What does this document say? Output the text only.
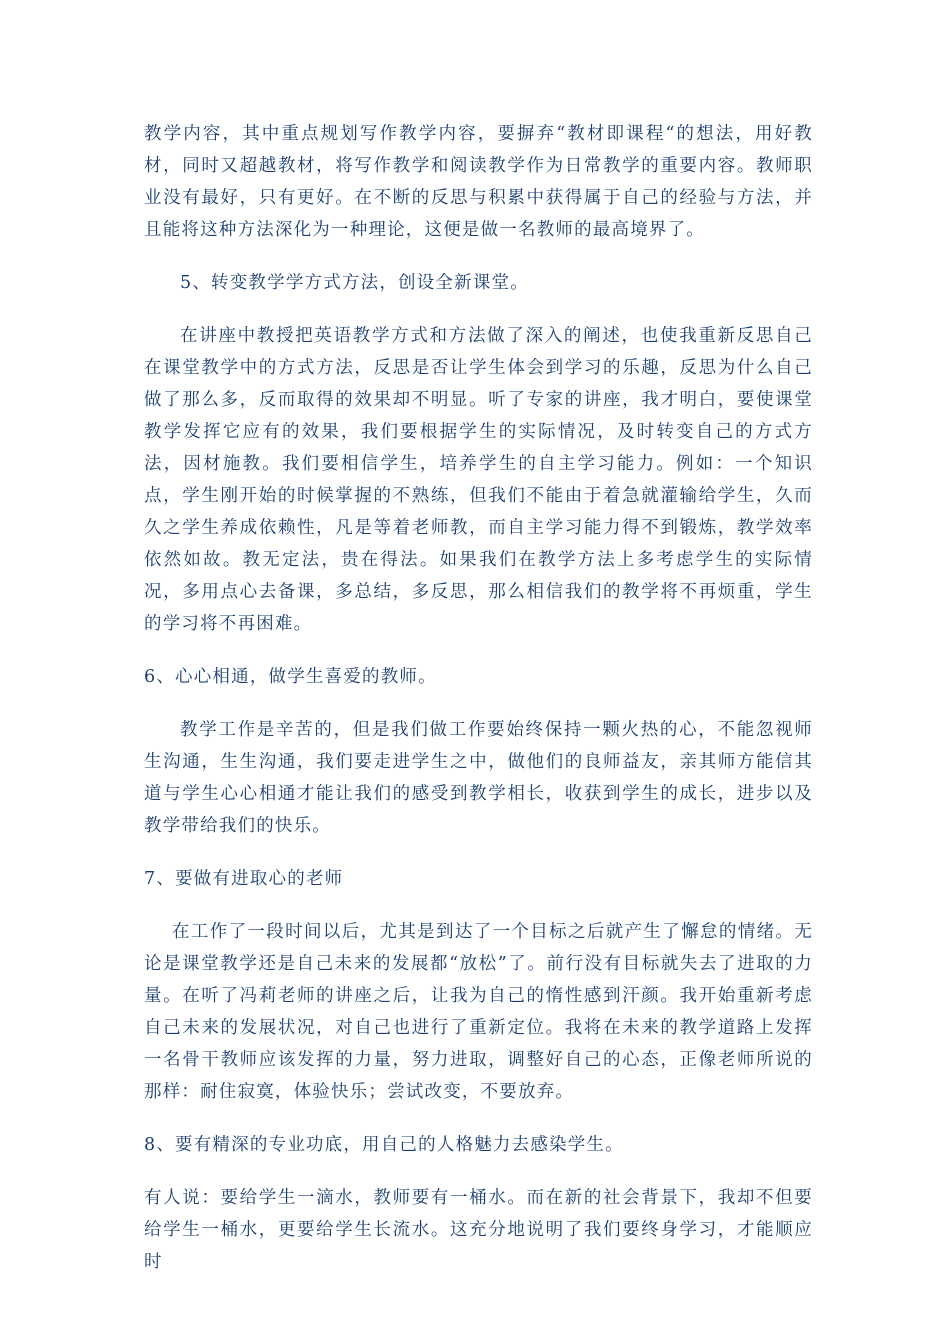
教学内容，其中重点规划写作教学内容，要摒弃“教材即课程“的想法，用好教材，同时又超越教材，将写作教学和阅读教学作为日常教学的重要内容。教师职业没有最好，只有更好。在不断的反思与积累中获得属于自己的经验与方法，并且能将这种方法深化为一种理论，这便是做一名教师的最高境界了。

5、转变教学学方式方法，创设全新课堂。

在讲座中教授把英语教学方式和方法做了深入的阐述，也使我重新反思自己在课堂教学中的方式方法，反思是否让学生体会到学习的乐趣，反思为什么自己做了那么多，反而取得的效果却不明显。听了专家的讲座，我才明白，要使课堂教学发挥它应有的效果，我们要根据学生的实际情况，及时转变自己的方式方法，因材施教。我们要相信学生，培养学生的自主学习能力。例如：一个知识点，学生刚开始的时候掌握的不熟练，但我们不能由于着急就灌输给学生，久而久之学生养成依赖性，凡是等着老师教，而自主学习能力得不到锻炼，教学效率依然如故。教无定法，贵在得法。如果我们在教学方法上多考虑学生的实际情况，多用点心去备课，多总结，多反思，那么相信我们的教学将不再烦重，学生的学习将不再困难。

6、心心相通，做学生喜爱的教师。

教学工作是辛苦的，但是我们做工作要始终保持一颗火热的心，不能忽视师生沟通，生生沟通，我们要走进学生之中，做他们的良师益友，亲其师方能信其道与学生心心相通才能让我们的感受到教学相长，收获到学生的成长，进步以及教学带给我们的快乐。

7、要做有进取心的老师

在工作了一段时间以后，尤其是到达了一个目标之后就产生了懈怠的情绪。无论是课堂教学还是自己未来的发展都“放松”了。前行没有目标就失去了进取的力量。在听了冯莉老师的讲座之后，让我为自己的惰性感到汗颜。我开始重新考虑自己未来的发展状况，对自己也进行了重新定位。我将在未来的教学道路上发挥一名骨干教师应该发挥的力量，努力进取，调整好自己的心态，正像老师所说的那样：耐住寂寞，体验快乐；尝试改变，不要放弃。

8、要有精深的专业功底，用自己的人格魅力去感染学生。

有人说：要给学生一滴水，教师要有一桶水。而在新的社会背景下，我却不但要给学生一桶水，更要给学生长流水。这充分地说明了我们要终身学习，才能顺应时
